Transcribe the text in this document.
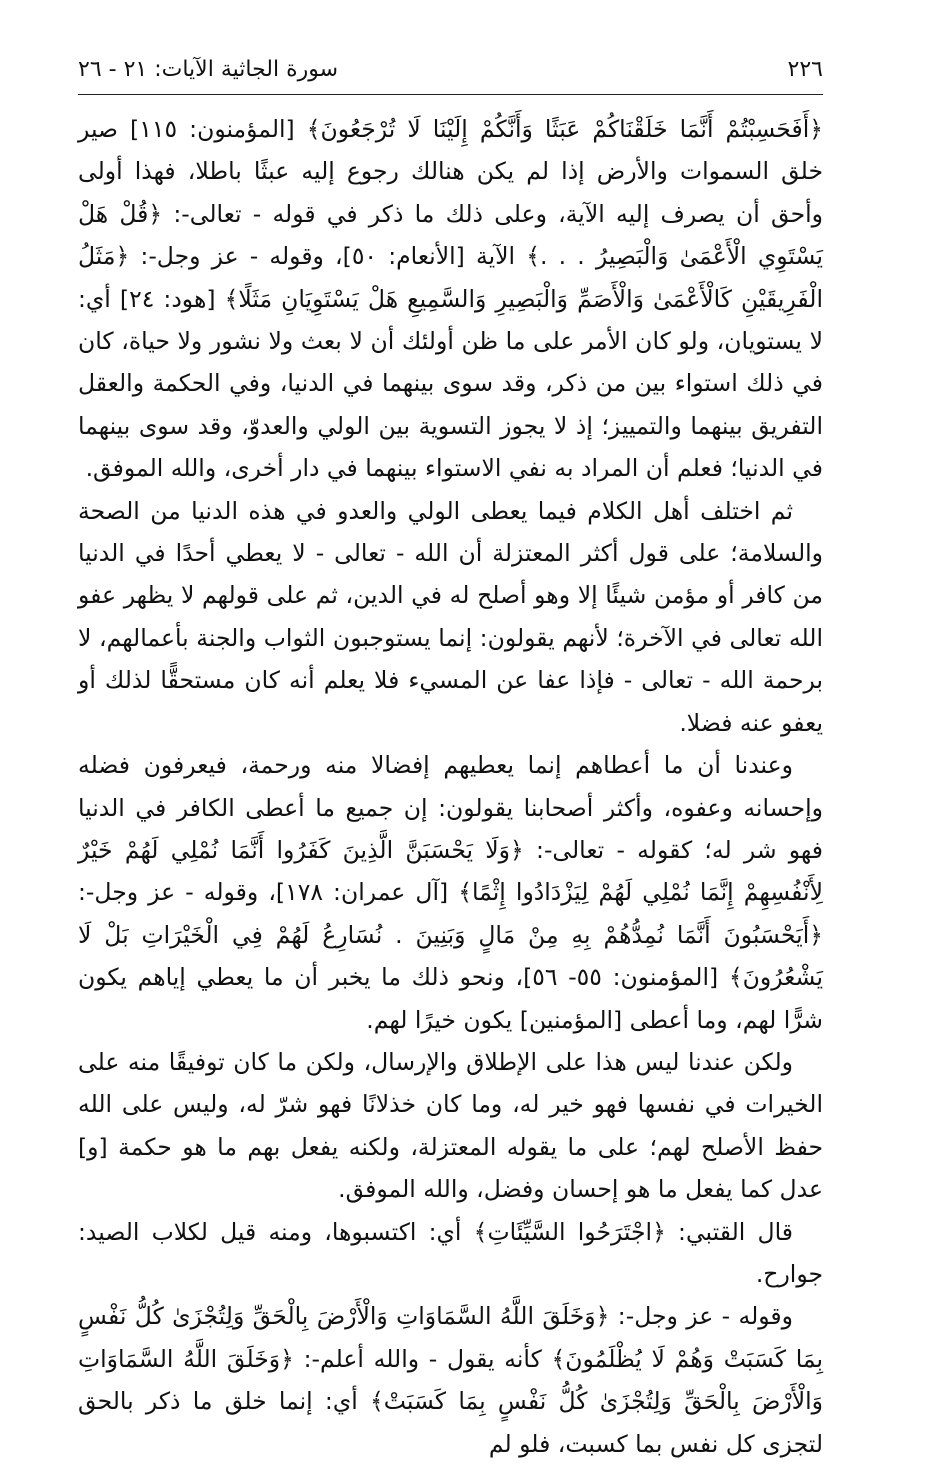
٢٢٦
سورة الجاثية الآيات: ٢١ - ٢٦

﴿أَفَحَسِبْتُمْ أَنَّمَا خَلَقْنَاكُمْ عَبَثًا وَأَنَّكُمْ إِلَيْنَا لَا تُرْجَعُونَ﴾ [المؤمنون: ١١٥] صير خلق السموات والأرض إذا لم يكن هنالك رجوع إليه عبثًا باطلا، فهذا أولى وأحق أن يصرف إليه الآية، وعلى ذلك ما ذكر في قوله - تعالى-: ﴿قُلْ هَلْ يَسْتَوِي الْأَعْمَىٰ وَالْبَصِيرُ . . .﴾ الآية [الأنعام: ٥٠]، وقوله - عز وجل-: ﴿مَثَلُ الْفَرِيقَيْنِ كَالْأَعْمَىٰ وَالْأَصَمِّ وَالْبَصِيرِ وَالسَّمِيعِ هَلْ يَسْتَوِيَانِ مَثَلًا﴾ [هود: ٢٤] أي: لا يستويان، ولو كان الأمر على ما ظن أولئك أن لا بعث ولا نشور ولا حياة، كان في ذلك استواء بين من ذكر، وقد سوى بينهما في الدنيا، وفي الحكمة والعقل التفريق بينهما والتمييز؛ إذ لا يجوز التسوية بين الولي والعدوّ، وقد سوى بينهما في الدنيا؛ فعلم أن المراد به نفي الاستواء بينهما في دار أخرى، والله الموفق.

ثم اختلف أهل الكلام فيما يعطى الولي والعدو في هذه الدنيا من الصحة والسلامة؛ على قول أكثر المعتزلة أن الله - تعالى - لا يعطي أحدًا في الدنيا من كافر أو مؤمن شيئًا إلا وهو أصلح له في الدين، ثم على قولهم لا يظهر عفو الله تعالى في الآخرة؛ لأنهم يقولون: إنما يستوجبون الثواب والجنة بأعمالهم، لا برحمة الله - تعالى - فإذا عفا عن المسيء فلا يعلم أنه كان مستحقًّا لذلك أو يعفو عنه فضلا.

وعندنا أن ما أعطاهم إنما يعطيهم إفضالا منه ورحمة، فيعرفون فضله وإحسانه وعفوه، وأكثر أصحابنا يقولون: إن جميع ما أعطى الكافر في الدنيا فهو شر له؛ كقوله - تعالى-: ﴿وَلَا يَحْسَبَنَّ الَّذِينَ كَفَرُوا أَنَّمَا نُمْلِي لَهُمْ خَيْرٌ لِأَنْفُسِهِمْ إِنَّمَا نُمْلِي لَهُمْ لِيَزْدَادُوا إِثْمًا﴾ [آل عمران: ١٧٨]، وقوله - عز وجل-: ﴿أَيَحْسَبُونَ أَنَّمَا نُمِدُّهُمْ بِهِ مِنْ مَالٍ وَبَنِينَ . نُسَارِعُ لَهُمْ فِي الْخَيْرَاتِ بَلْ لَا يَشْعُرُونَ﴾ [المؤمنون: ٥٥- ٥٦]، ونحو ذلك ما يخبر أن ما يعطي إياهم يكون شرًّا لهم، وما أعطى [المؤمنين] يكون خيرًا لهم.

ولكن عندنا ليس هذا على الإطلاق والإرسال، ولكن ما كان توفيقًا منه على الخيرات في نفسها فهو خير له، وما كان خذلانًا فهو شرّ له، وليس على الله حفظ الأصلح لهم؛ على ما يقوله المعتزلة، ولكنه يفعل بهم ما هو حكمة [و] عدل كما يفعل ما هو إحسان وفضل، والله الموفق.

قال القتبي: ﴿اجْتَرَحُوا السَّيِّئَاتِ﴾ أي: اكتسبوها، ومنه قيل لكلاب الصيد: جوارح.

وقوله - عز وجل-: ﴿وَخَلَقَ اللَّهُ السَّمَاوَاتِ وَالْأَرْضَ بِالْحَقِّ وَلِتُجْزَىٰ كُلُّ نَفْسٍ بِمَا كَسَبَتْ وَهُمْ لَا يُظْلَمُونَ﴾ كأنه يقول - والله أعلم-: ﴿وَخَلَقَ اللَّهُ السَّمَاوَاتِ وَالْأَرْضَ بِالْحَقِّ وَلِتُجْزَىٰ كُلُّ نَفْسٍ بِمَا كَسَبَتْ﴾ أي: إنما خلق ما ذكر بالحق لتجزى كل نفس بما كسبت، فلو لم
